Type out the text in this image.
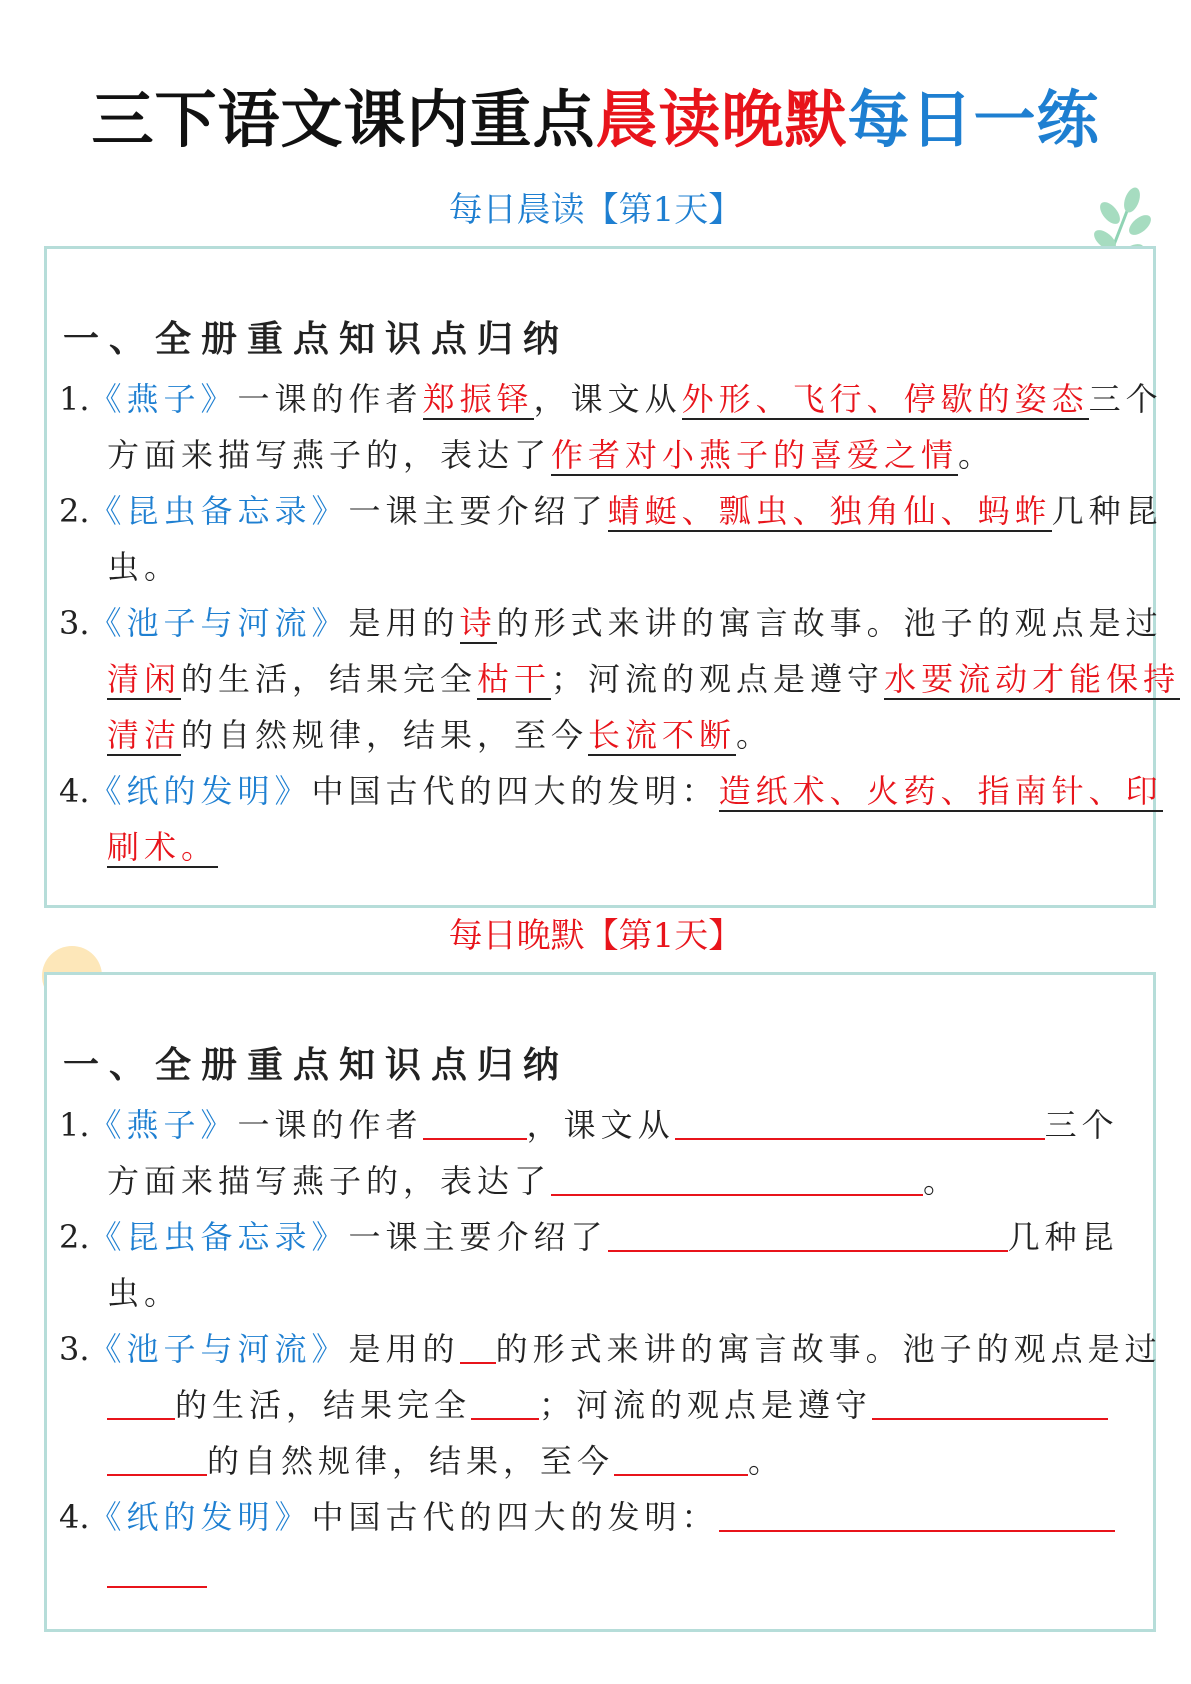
三下语文课内重点晨读晚默每日一练
每日晨读【第1天】
一、全册重点知识点归纳
1.《燕子》一课的作者郑振铎，课文从外形、飞行、停歇的姿态三个
方面来描写燕子的，表达了作者对小燕子的喜爱之情。
2.《昆虫备忘录》一课主要介绍了蜻蜓、瓢虫、独角仙、蚂蚱几种昆
虫。
3.《池子与河流》是用的诗的形式来讲的寓言故事。池子的观点是过
清闲的生活，结果完全枯干；河流的观点是遵守水要流动才能保持
清洁的自然规律，结果，至今长流不断。
4.《纸的发明》中国古代的四大的发明：造纸术、火药、指南针、印
刷术。
每日晚默【第1天】
一、全册重点知识点归纳
1.《燕子》一课的作者	，课文从	三个
方面来描写燕子的，表达了	。
2.《昆虫备忘录》一课主要介绍了	几种昆
虫。
3.《池子与河流》是用的 的形式来讲的寓言故事。池子的观点是过
的生活，结果完全 ；河流的观点是遵守
的自然规律，结果，至今	。
4.《纸的发明》中国古代的四大的发明：
